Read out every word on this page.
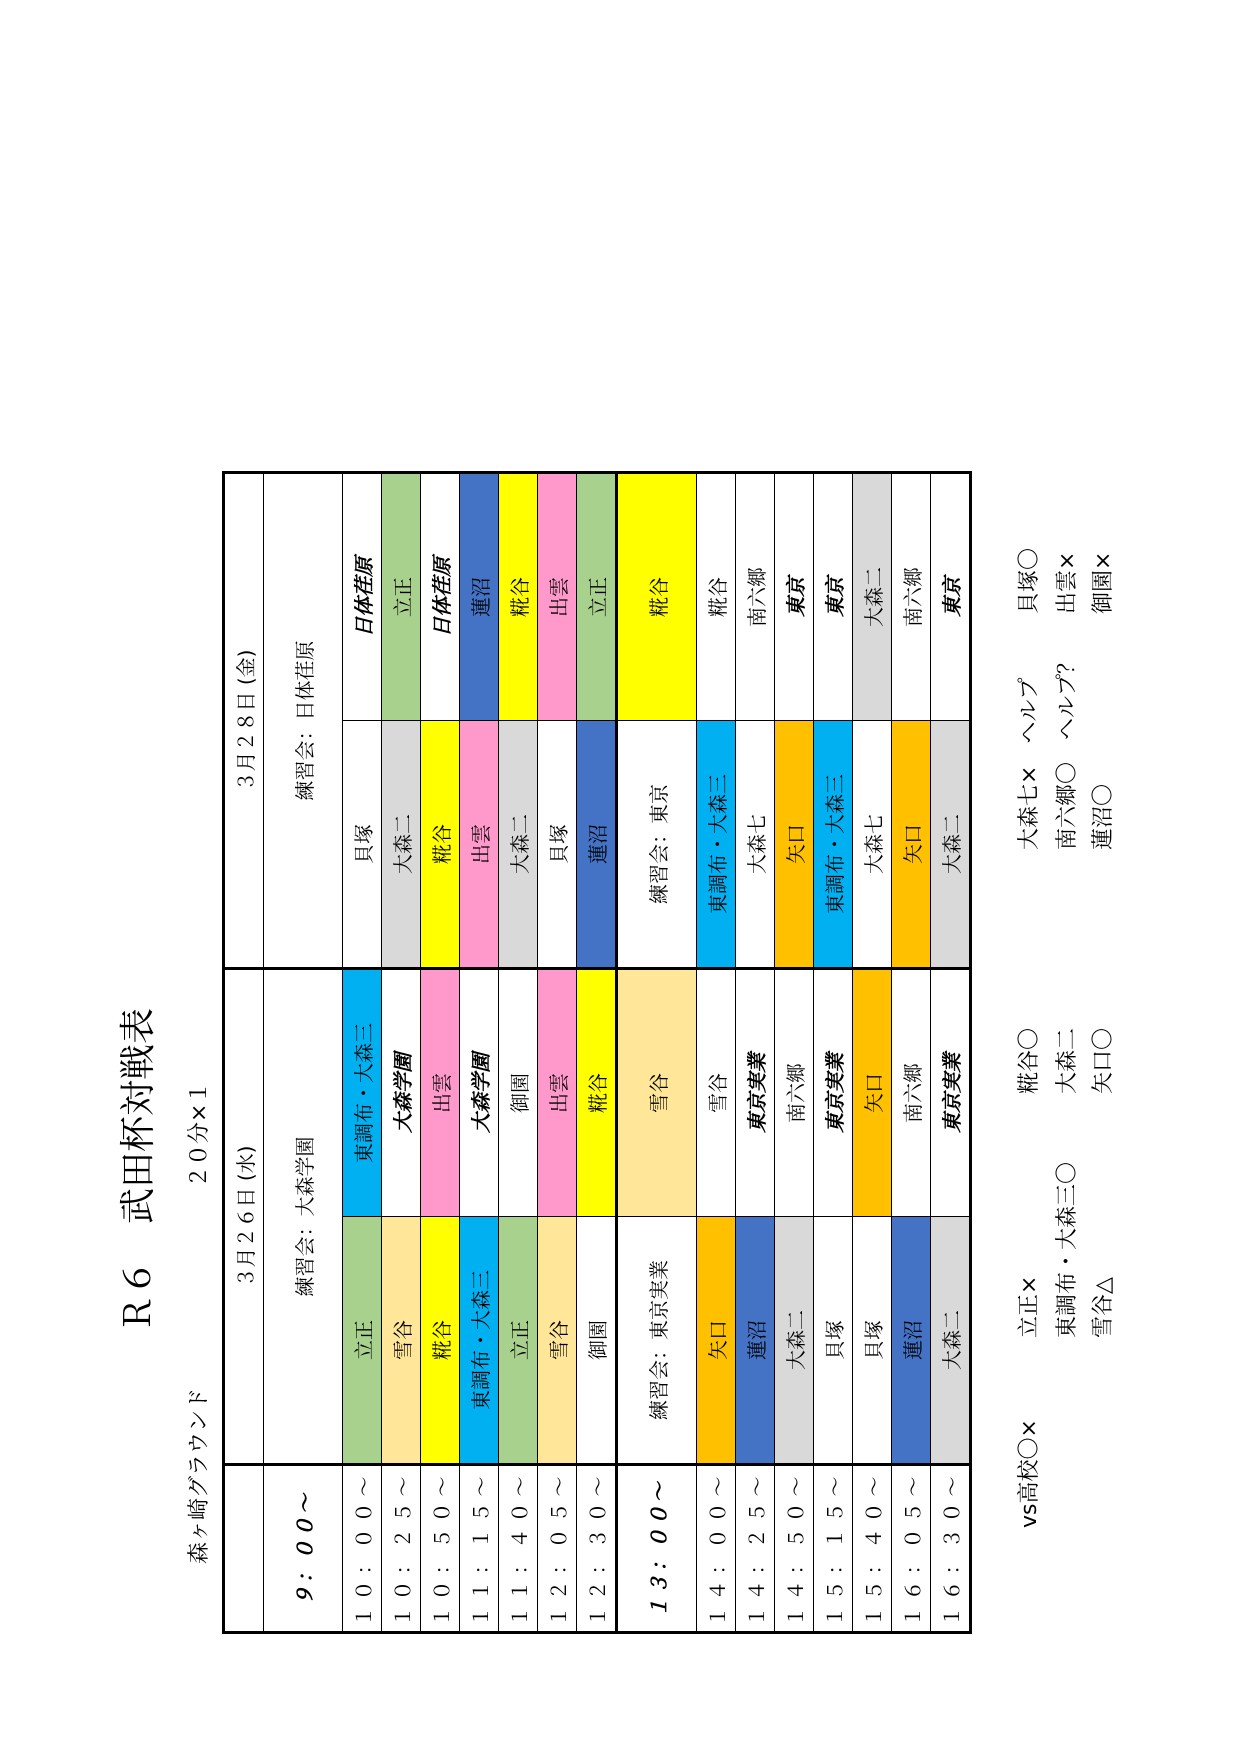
Ｒ６　武田杯対戦表
森ヶ崎グラウンド
２０分×１
	３月２６日 (水)		３月２８日 (金)	
９：００～	練習会：大森学園		練習会：日体荏原	
１０：００～	立正	東調布・大森三	貝塚	日体荏原
１０：２５～	雪谷	大森学園	大森二	立正
１０：５０～	糀谷	出雲	糀谷	日体荏原
１１：１５～	東調布・大森三	大森学園	出雲	蓮沼
１１：４０～	立正	御園	大森二	糀谷
１２：０５～	雪谷	出雲	貝塚	出雲
１２：３０～	御園	糀谷	蓮沼	立正
１３：００～	練習会：東京実業	雪谷	練習会：東京	糀谷
１４：００～	矢口	雪谷	東調布・大森三	糀谷
１４：２５～	蓮沼	東京実業	大森七	南六郷
１４：５０～	大森二	南六郷	矢口	東京
１５：１５～	貝塚	東京実業	東調布・大森三	東京
１５：４０～	貝塚	矢口	大森七	大森二
１６：０５～	蓮沼	南六郷	矢口	南六郷
１６：３０～	大森二	東京実業	大森二	東京
vs高校〇×
立正× 東調布・大森三〇 雪谷△
糀谷〇 大森二 矢口〇
大森七×　ヘルプ 南六郷〇　ヘルプ？ 蓮沼〇
貝塚〇 出雲× 御園×
